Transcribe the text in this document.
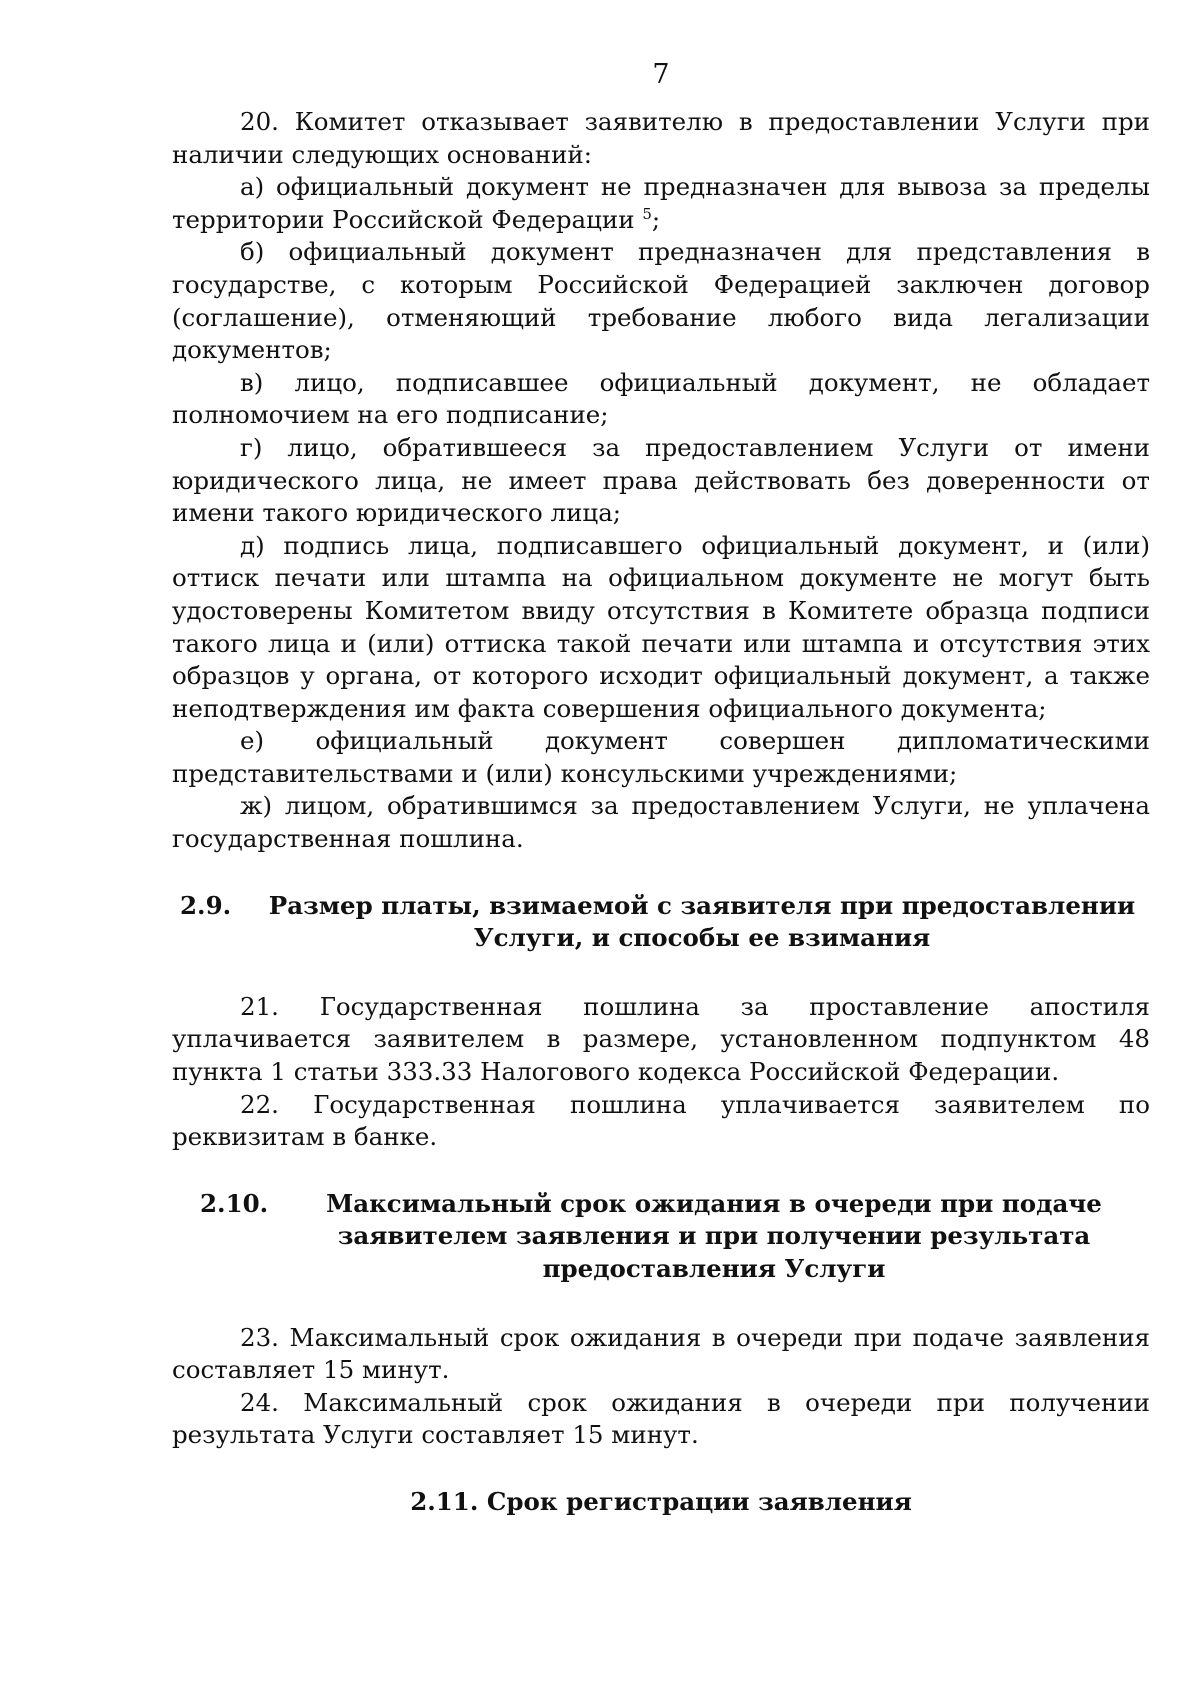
7

20. Комитет отказывает заявителю в предоставлении Услуги при наличии следующих оснований:

а) официальный документ не предназначен для вывоза за пределы территории Российской Федерации $^5$;

б) официальный документ предназначен для представления в государстве, с которым Российской Федерацией заключен договор (соглашение), отменяющий требование любого вида легализации документов;

в) лицо, подписавшее официальный документ, не обладает полномочием на его подписание;

г) лицо, обратившееся за предоставлением Услуги от имени юридического лица, не имеет права действовать без доверенности от имени такого юридического лица;

д) подпись лица, подписавшего официальный документ, и (или) оттиск печати или штампа на официальном документе не могут быть удостоверены Комитетом ввиду отсутствия в Комитете образца подписи такого лица и (или) оттиска такой печати или штампа и отсутствия этих образцов у органа, от которого исходит официальный документ, а также неподтверждения им факта совершения официального документа;

е) официальный документ совершен дипломатическими представительствами и (или) консульскими учреждениями;

ж) лицом, обратившимся за предоставлением Услуги, не уплачена государственная пошлина.

2.9.	Размер платы, взимаемой с заявителя при предоставлении Услуги, и способы ее взимания

21. Государственная пошлина за проставление апостиля уплачивается заявителем в размере, установленном подпунктом 48 пункта 1 статьи 333.33 Налогового кодекса Российской Федерации.

22. Государственная пошлина уплачивается заявителем по реквизитам в банке.

2.10.	Максимальный срок ожидания в очереди при подаче заявителем заявления и при получении результата предоставления Услуги

23. Максимальный срок ожидания в очереди при подаче заявления составляет 15 минут.

24. Максимальный срок ожидания в очереди при получении результата Услуги составляет 15 минут.

2.11. Срок регистрации заявления
